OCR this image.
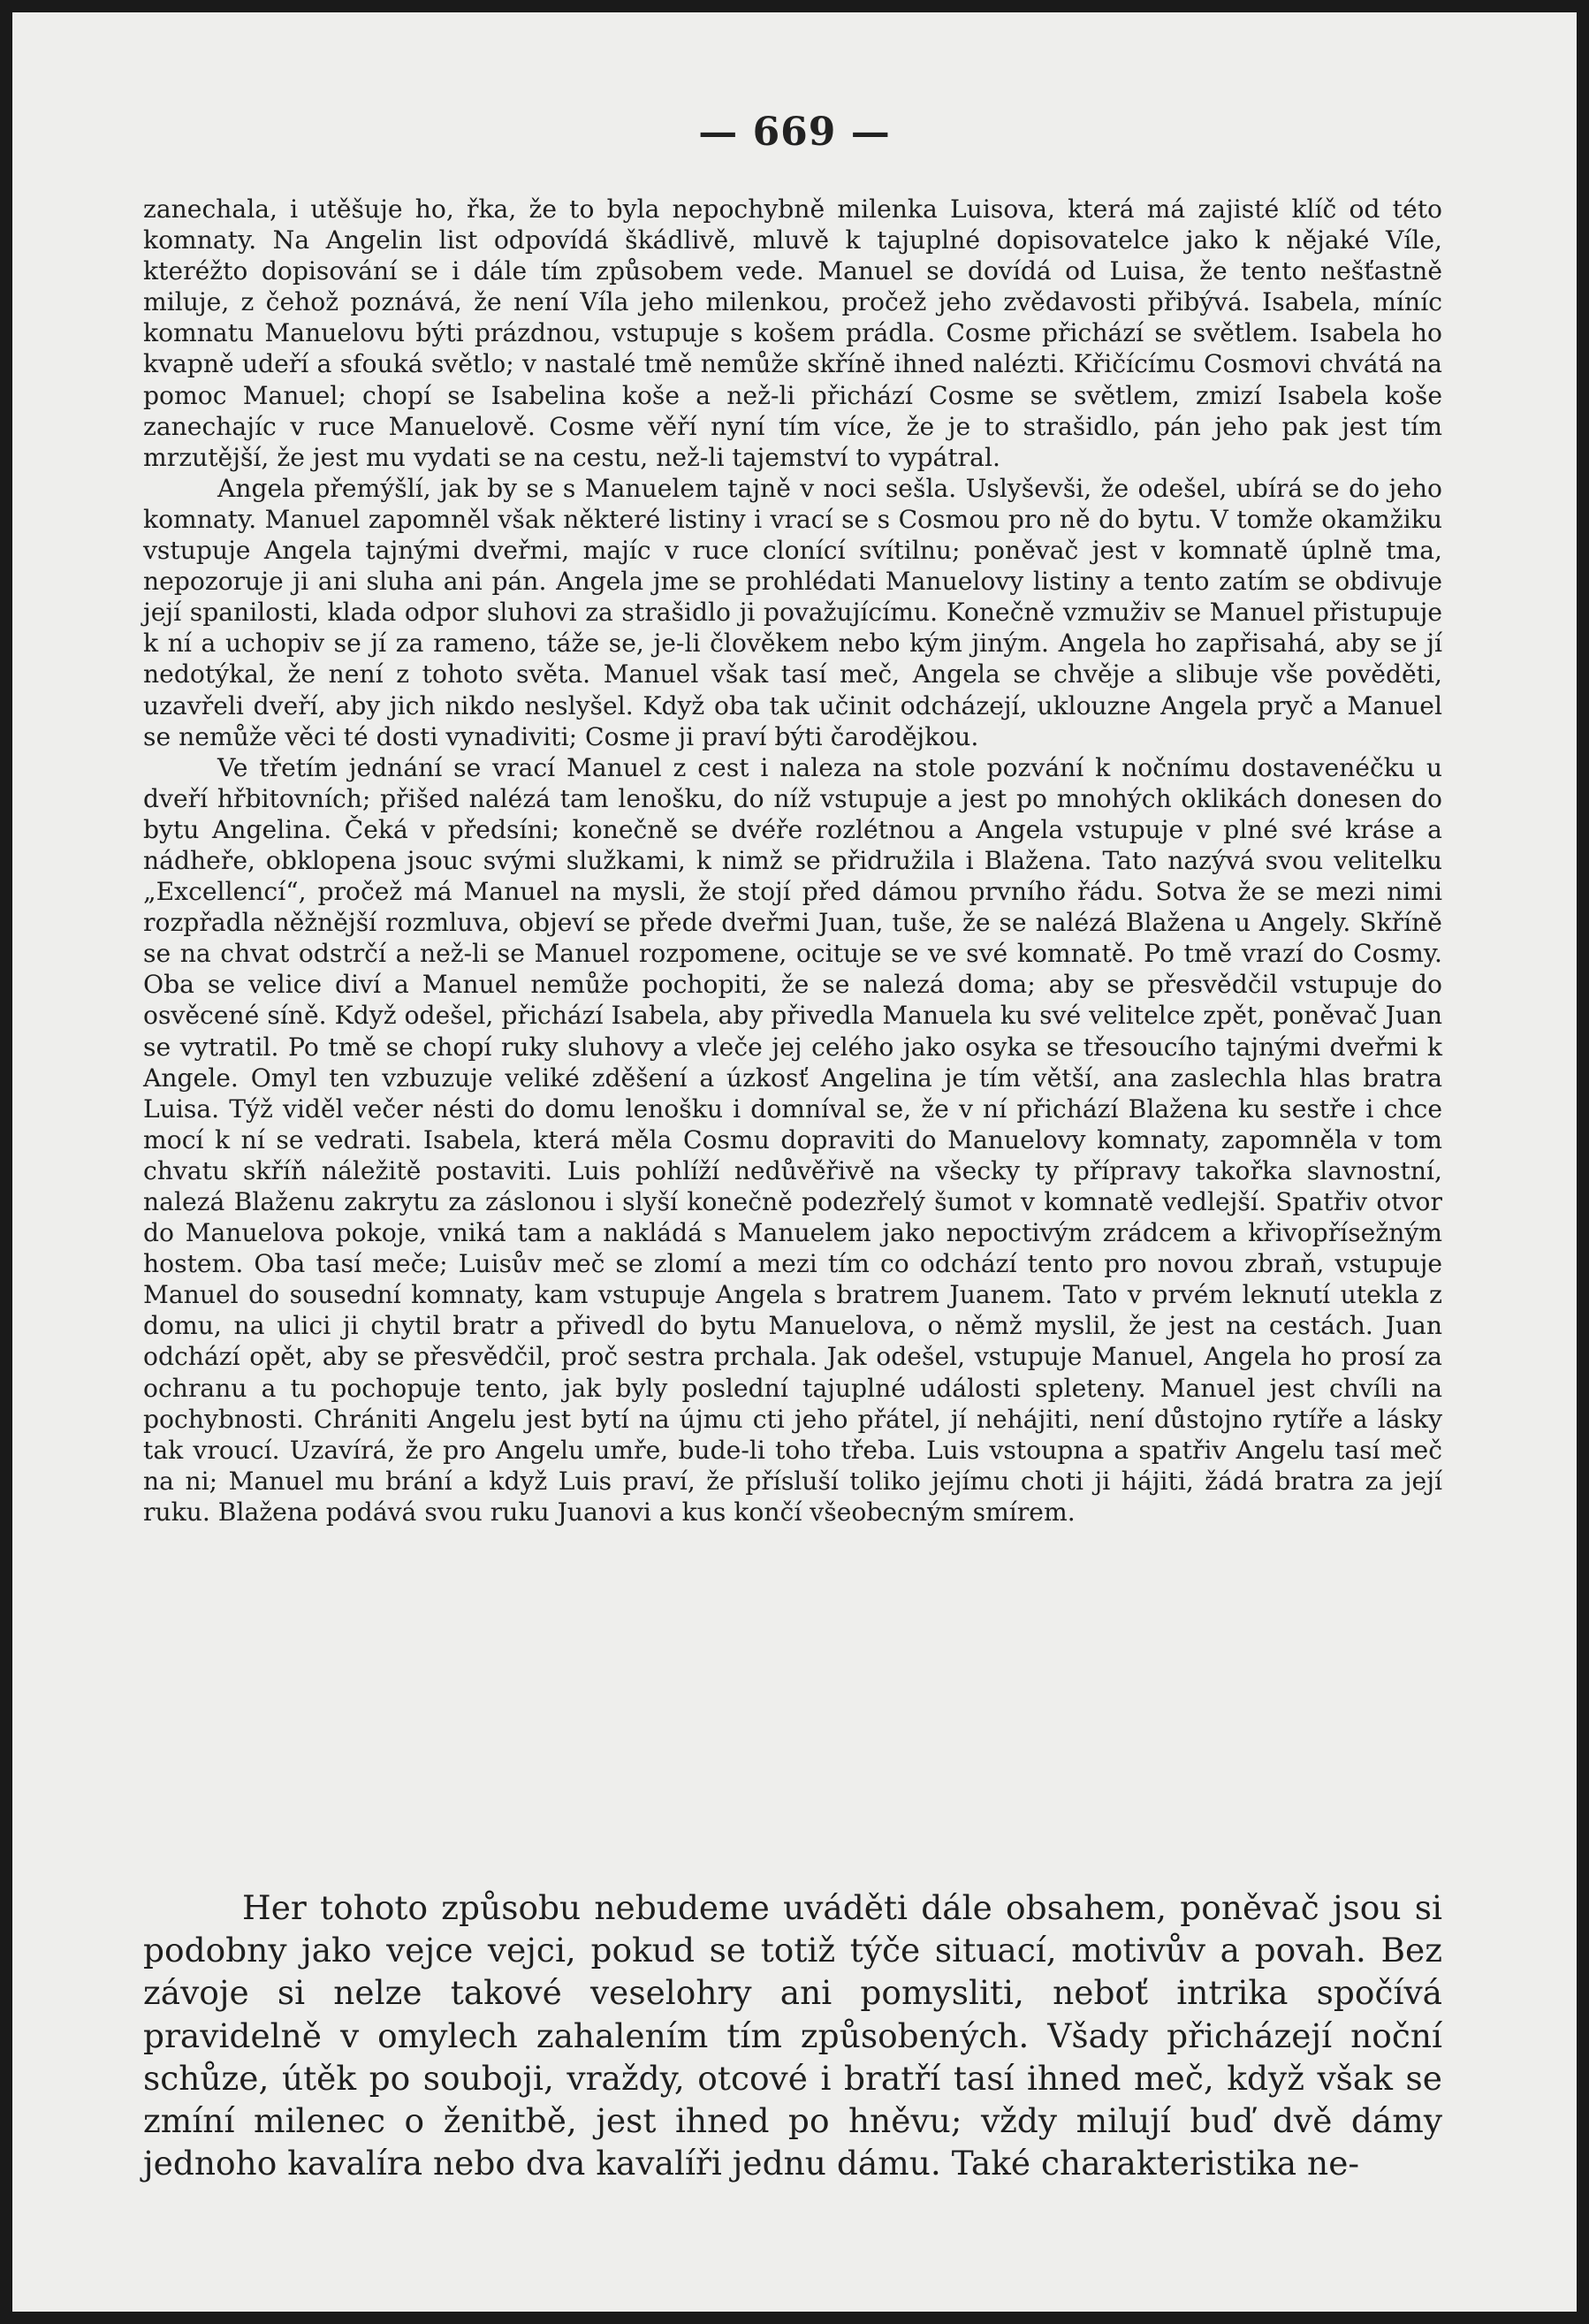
— 669 —

zanechala, i utěšuje ho, řka, že to byla nepochybně milenka Luisova, která má zajisté klíč od této komnaty. Na Angelin list odpovídá škádlivě, mluvě k tajuplné dopisovatelce jako k nějaké Víle, kteréžto dopisování se i dále tím způsobem vede. Manuel se dovídá od Luisa, že tento nešťastně miluje, z čehož poznává, že není Víla jeho milenkou, pročež jeho zvědavosti přibývá. Isabela, míníc komnatu Manuelovu býti prázdnou, vstupuje s košem prádla. Cosme přichází se světlem. Isabela ho kvapně udeří a sfouká světlo; v nastalé tmě nemůže skříně ihned nalézti. Křičícímu Cosmovi chvátá na pomoc Manuel; chopí se Isabelina koše a než-li přichází Cosme se světlem, zmizí Isabela koše zanechajíc v ruce Manuelově. Cosme věří nyní tím více, že je to strašidlo, pán jeho pak jest tím mrzutější, že jest mu vydati se na cestu, než-li tajemství to vypátral.

Angela přemýšlí, jak by se s Manuelem tajně v noci sešla. Uslyševši, že odešel, ubírá se do jeho komnaty. Manuel zapomněl však některé listiny i vrací se s Cosmou pro ně do bytu. V tomže okamžiku vstupuje Angela tajnými dveřmi, majíc v ruce clonící svítilnu; poněvač jest v komnatě úplně tma, nepozoruje ji ani sluha ani pán. Angela jme se prohlédati Manuelovy listiny a tento zatím se obdivuje její spanilosti, klada odpor sluhovi za strašidlo ji považujícímu. Konečně vzmuživ se Manuel přistupuje k ní a uchopiv se jí za rameno, táže se, je-li člověkem nebo kým jiným. Angela ho zapřisahá, aby se jí nedotýkal, že není z tohoto světa. Manuel však tasí meč, Angela se chvěje a slibuje vše pověděti, uzavřeli dveří, aby jich nikdo neslyšel. Když oba tak učinit odcházejí, uklouzne Angela pryč a Manuel se nemůže věci té dosti vynadiviti; Cosme ji praví býti čarodějkou.

Ve třetím jednání se vrací Manuel z cest i naleza na stole pozvání k nočnímu dostavenéčku u dveří hřbitovních; přišed nalézá tam lenošku, do níž vstupuje a jest po mnohých oklikách donesen do bytu Angelina. Čeká v předsíni; konečně se dvéře rozlétnou a Angela vstupuje v plné své kráse a nádheře, obklopena jsouc svými služkami, k nimž se přidružila i Blažena. Tato nazývá svou velitelku „Excellencí“, pročež má Manuel na mysli, že stojí před dámou prvního řádu. Sotva že se mezi nimi rozpřadla něžnější rozmluva, objeví se přede dveřmi Juan, tuše, že se nalézá Blažena u Angely. Skříně se na chvat odstrčí a než-li se Manuel rozpomene, ocituje se ve své komnatě. Po tmě vrazí do Cosmy. Oba se velice diví a Manuel nemůže pochopiti, že se nalezá doma; aby se přesvědčil vstupuje do osvěcené síně. Když odešel, přichází Isabela, aby přivedla Manuela ku své velitelce zpět, poněvač Juan se vytratil. Po tmě se chopí ruky sluhovy a vleče jej celého jako osyka se třesoucího tajnými dveřmi k Angele. Omyl ten vzbuzuje veliké zděšení a úzkosť Angelina je tím větší, ana zaslechla hlas bratra Luisa. Týž viděl večer nésti do domu lenošku i domníval se, že v ní přichází Blažena ku sestře i chce mocí k ní se vedrati. Isabela, která měla Cosmu dopraviti do Manuelovy komnaty, zapomněla v tom chvatu skříň náležitě postaviti. Luis pohlíží nedůvěřivě na všecky ty přípravy takořka slavnostní, nalezá Blaženu zakrytu za záslonou i slyší konečně podezřelý šumot v komnatě vedlejší. Spatřiv otvor do Manuelova pokoje, vniká tam a nakládá s Manuelem jako nepoctivým zrádcem a křivopřísežným hostem. Oba tasí meče; Luisův meč se zlomí a mezi tím co odchází tento pro novou zbraň, vstupuje Manuel do sousední komnaty, kam vstupuje Angela s bratrem Juanem. Tato v prvém leknutí utekla z domu, na ulici ji chytil bratr a přivedl do bytu Manuelova, o němž myslil, že jest na cestách. Juan odchází opět, aby se přesvědčil, proč sestra prchala. Jak odešel, vstupuje Manuel, Angela ho prosí za ochranu a tu pochopuje tento, jak byly poslední tajuplné události spleteny. Manuel jest chvíli na pochybnosti. Chrániti Angelu jest bytí na újmu cti jeho přátel, jí nehájiti, není důstojno rytíře a lásky tak vroucí. Uzavírá, že pro Angelu umře, bude-li toho třeba. Luis vstoupna a spatřiv Angelu tasí meč na ni; Manuel mu brání a když Luis praví, že přísluší toliko jejímu choti ji hájiti, žádá bratra za její ruku. Blažena podává svou ruku Juanovi a kus končí všeobecným smírem.

Her tohoto způsobu nebudeme uváděti dále obsahem, poněvač jsou si podobny jako vejce vejci, pokud se totiž týče situací, motivův a povah. Bez závoje si nelze takové veselohry ani pomysliti, neboť intrika spočívá pravidelně v omylech zahalením tím způsobených. Všady přicházejí noční schůze, útěk po souboji, vraždy, otcové i bratří tasí ihned meč, když však se zmíní milenec o ženitbě, jest ihned po hněvu; vždy milují buď dvě dámy jednoho kavalíra nebo dva kavalíři jednu dámu. Také charakteristika ne-
